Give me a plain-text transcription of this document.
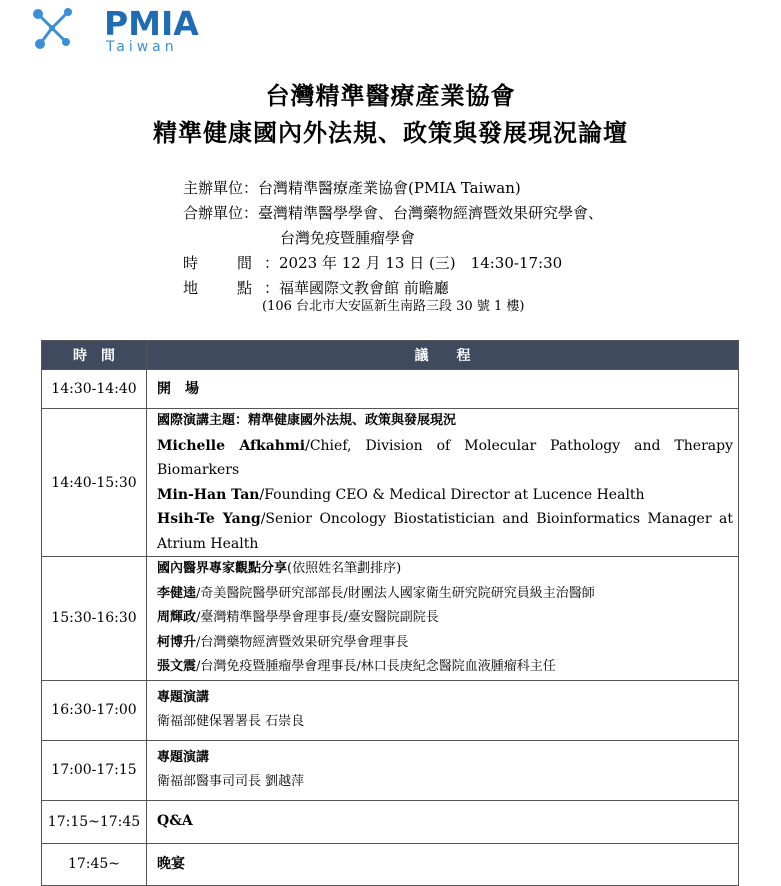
PMIA
Taiwan
台灣精準醫療產業協會
精準健康國內外法規、政策與發展現況論壇
主辦單位： 台灣精準醫療產業協會(PMIA Taiwan)
合辦單位： 臺灣精準醫學學會、台灣藥物經濟暨效果研究學會、
台灣免疫暨腫瘤學會
時	間 ：2023 年 12 月 13 日 (三)　14:30-17:30
地	點 ：福華國際文教會館 前瞻廳
(106 台北市大安區新生南路三段 30 號 1 樓)
時　間	議　　程
14:30-14:40	開　場
14:40-15:30	國際演講主題：精準健康國外法規、政策與發展現況
Michelle Afkahmi/Chief, Division of Molecular Pathology and Therapy Biomarkers
Min-Han Tan/Founding CEO & Medical Director at Lucence Health
Hsih-Te Yang/Senior Oncology Biostatistician and Bioinformatics Manager at Atrium Health

15:30-16:30	國內醫界專家觀點分享(依照姓名筆劃排序)
李健逵/奇美醫院醫學研究部部長/財團法人國家衛生研究院研究員級主治醫師
周輝政/臺灣精準醫學學會理事長/臺安醫院副院長
柯博升/台灣藥物經濟暨效果研究學會理事長
張文震/台灣免疫暨腫瘤學會理事長/林口長庚紀念醫院血液腫瘤科主任

16:30-17:00	專題演講
衛福部健保署署長 石崇良

17:00-17:15	專題演講
衛福部醫事司司長 劉越萍

17:15~17:45	Q&A
17:45~	晚宴
